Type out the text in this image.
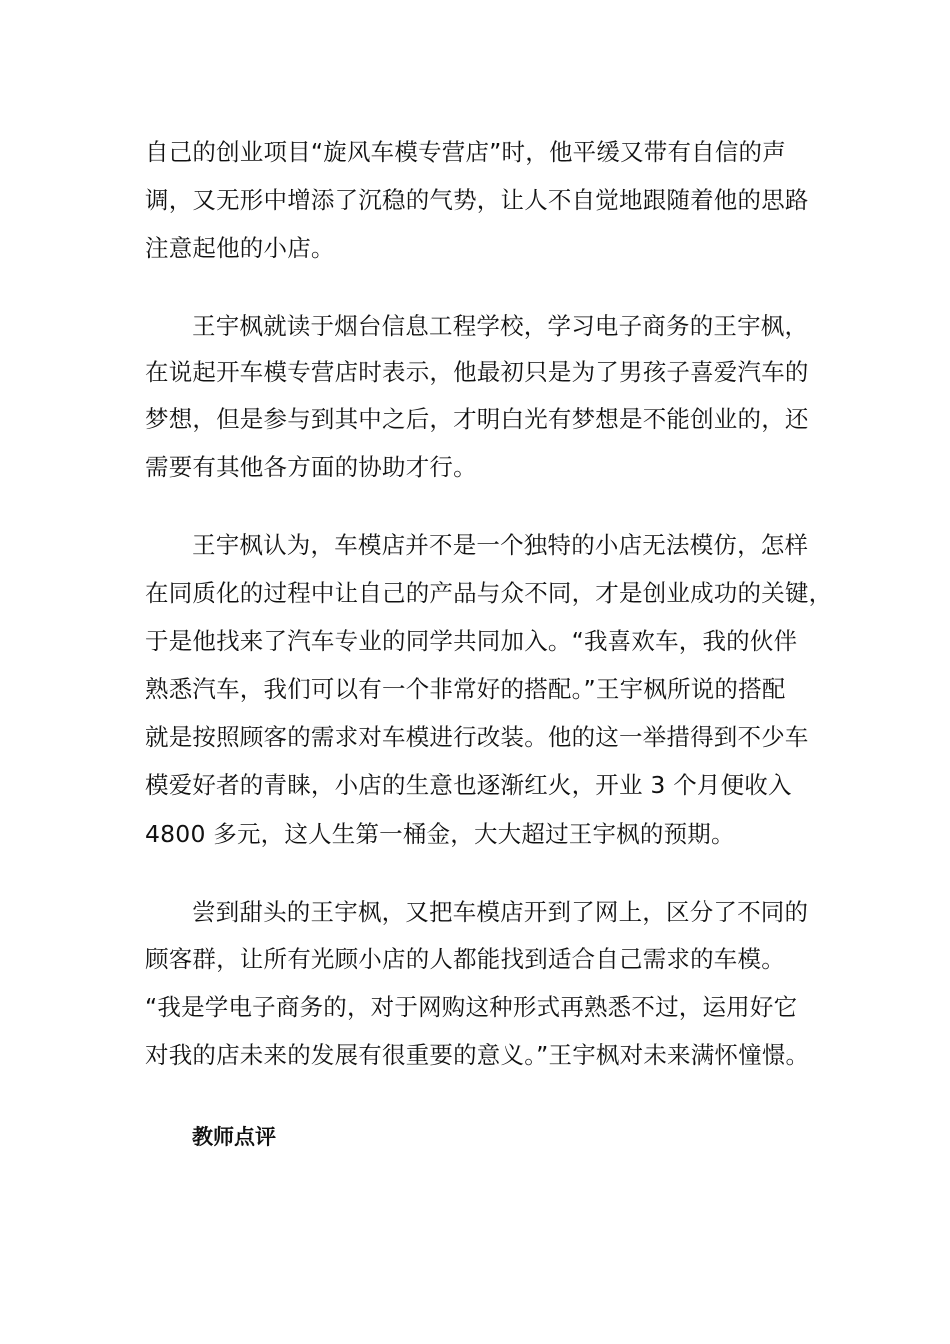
自己的创业项目“旋风车模专营店”时，他平缓又带有自信的声
调，又无形中增添了沉稳的气势，让人不自觉地跟随着他的思路
注意起他的小店。
王宇枫就读于烟台信息工程学校，学习电子商务的王宇枫，
在说起开车模专营店时表示，他最初只是为了男孩子喜爱汽车的
梦想，但是参与到其中之后，才明白光有梦想是不能创业的，还
需要有其他各方面的协助才行。
王宇枫认为，车模店并不是一个独特的小店无法模仿，怎样
在同质化的过程中让自己的产品与众不同，才是创业成功的关键，
于是他找来了汽车专业的同学共同加入。“我喜欢车，我的伙伴
熟悉汽车，我们可以有一个非常好的搭配。”王宇枫所说的搭配
就是按照顾客的需求对车模进行改装。他的这一举措得到不少车
模爱好者的青睐，小店的生意也逐渐红火，开业 3 个月便收入
4800 多元，这人生第一桶金，大大超过王宇枫的预期。
尝到甜头的王宇枫，又把车模店开到了网上，区分了不同的
顾客群，让所有光顾小店的人都能找到适合自己需求的车模。
“我是学电子商务的，对于网购这种形式再熟悉不过，运用好它
对我的店未来的发展有很重要的意义。”王宇枫对未来满怀憧憬。
教师点评
